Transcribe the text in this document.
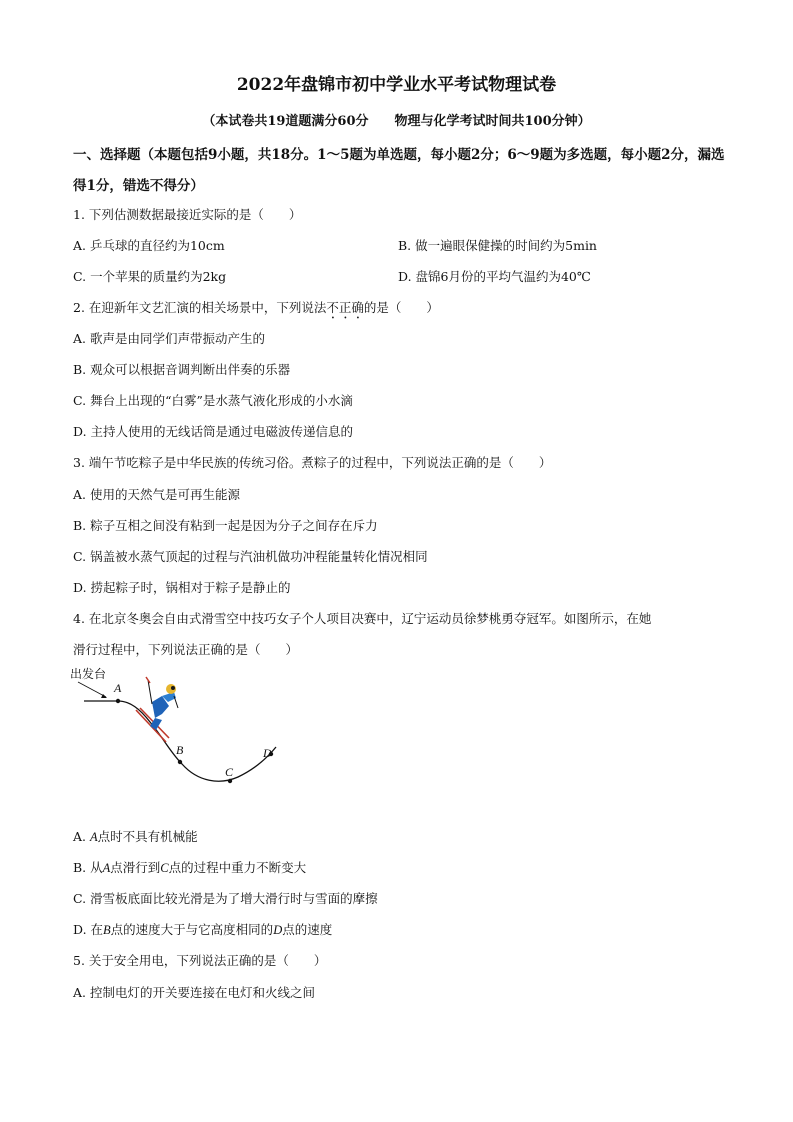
2022年盘锦市初中学业水平考试物理试卷
（本试卷共19道题满分60分　　物理与化学考试时间共100分钟）
一、选择题（本题包括9小题，共18分。1～5题为单选题，每小题2分；6～9题为多选题，每小题2分，漏选得1分，错选不得分）
1. 下列估测数据最接近实际的是（　　）
A. 乒乓球的直径约为10cm	B. 做一遍眼保健操的时间约为5min
C. 一个苹果的质量约为2kg	D. 盘锦6月份的平均气温约为40℃
2. 在迎新年文艺汇演的相关场景中，下列说法不正确的是（　　）
A. 歌声是由同学们声带振动产生的
B. 观众可以根据音调判断出伴奏的乐器
C. 舞台上出现的“白雾”是水蒸气液化形成的小水滴
D. 主持人使用的无线话筒是通过电磁波传递信息的
3. 端午节吃粽子是中华民族的传统习俗。煮粽子的过程中，下列说法正确的是（　　）
A. 使用的天然气是可再生能源
B. 粽子互相之间没有粘到一起是因为分子之间存在斥力
C. 锅盖被水蒸气顶起的过程与汽油机做功冲程能量转化情况相同
D. 捞起粽子时，锅相对于粽子是静止的
4. 在北京冬奥会自由式滑雪空中技巧女子个人项目决赛中，辽宁运动员徐梦桃勇夺冠军。如图所示，在她
滑行过程中，下列说法正确的是（　　）
出发台
A
B
C
D
A. A点时不具有机械能
B. 从A点滑行到C点的过程中重力不断变大
C. 滑雪板底面比较光滑是为了增大滑行时与雪面的摩擦
D. 在B点的速度大于与它高度相同的D点的速度
5. 关于安全用电，下列说法正确的是（　　）
A. 控制电灯的开关要连接在电灯和火线之间
